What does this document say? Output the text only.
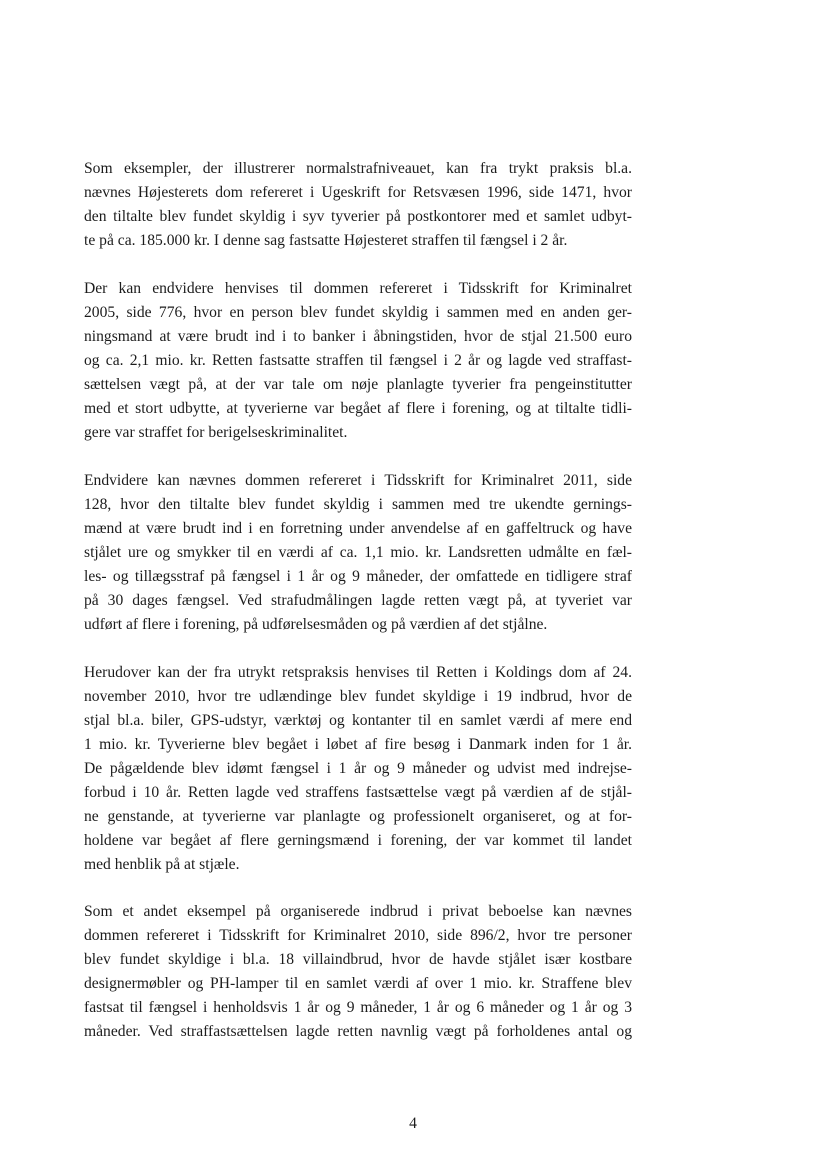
Som eksempler, der illustrerer normalstrafniveauet, kan fra trykt praksis bl.a.
nævnes Højesterets dom refereret i Ugeskrift for Retsvæsen 1996, side 1471, hvor
den tiltalte blev fundet skyldig i syv tyverier på postkontorer med et samlet udbyt-
te på ca. 185.000 kr. I denne sag fastsatte Højesteret straffen til fængsel i 2 år.
Der kan endvidere henvises til dommen refereret i Tidsskrift for Kriminalret
2005, side 776, hvor en person blev fundet skyldig i sammen med en anden ger-
ningsmand at være brudt ind i to banker i åbningstiden, hvor de stjal 21.500 euro
og ca. 2,1 mio. kr. Retten fastsatte straffen til fængsel i 2 år og lagde ved straffast-
sættelsen vægt på, at der var tale om nøje planlagte tyverier fra pengeinstitutter
med et stort udbytte, at tyverierne var begået af flere i forening, og at tiltalte tidli-
gere var straffet for berigelseskriminalitet.
Endvidere kan nævnes dommen refereret i Tidsskrift for Kriminalret 2011, side
128, hvor den tiltalte blev fundet skyldig i sammen med tre ukendte gernings-
mænd at være brudt ind i en forretning under anvendelse af en gaffeltruck og have
stjålet ure og smykker til en værdi af ca. 1,1 mio. kr. Landsretten udmålte en fæl-
les- og tillægsstraf på fængsel i 1 år og 9 måneder, der omfattede en tidligere straf
på 30 dages fængsel. Ved strafudmålingen lagde retten vægt på, at tyveriet var
udført af flere i forening, på udførelsesmåden og på værdien af det stjålne.
Herudover kan der fra utrykt retspraksis henvises til Retten i Koldings dom af 24.
november 2010, hvor tre udlændinge blev fundet skyldige i 19 indbrud, hvor de
stjal bl.a. biler, GPS-udstyr, værktøj og kontanter til en samlet værdi af mere end
1 mio. kr. Tyverierne blev begået i løbet af fire besøg i Danmark inden for 1 år.
De pågældende blev idømt fængsel i 1 år og 9 måneder og udvist med indrejse-
forbud i 10 år. Retten lagde ved straffens fastsættelse vægt på værdien af de stjål-
ne genstande, at tyverierne var planlagte og professionelt organiseret, og at for-
holdene var begået af flere gerningsmænd i forening, der var kommet til landet
med henblik på at stjæle.
Som et andet eksempel på organiserede indbrud i privat beboelse kan nævnes
dommen refereret i Tidsskrift for Kriminalret 2010, side 896/2, hvor tre personer
blev fundet skyldige i bl.a. 18 villaindbrud, hvor de havde stjålet især kostbare
designermøbler og PH-lamper til en samlet værdi af over 1 mio. kr. Straffene blev
fastsat til fængsel i henholdsvis 1 år og 9 måneder, 1 år og 6 måneder og 1 år og 3
måneder. Ved straffastsættelsen lagde retten navnlig vægt på forholdenes antal og
4
